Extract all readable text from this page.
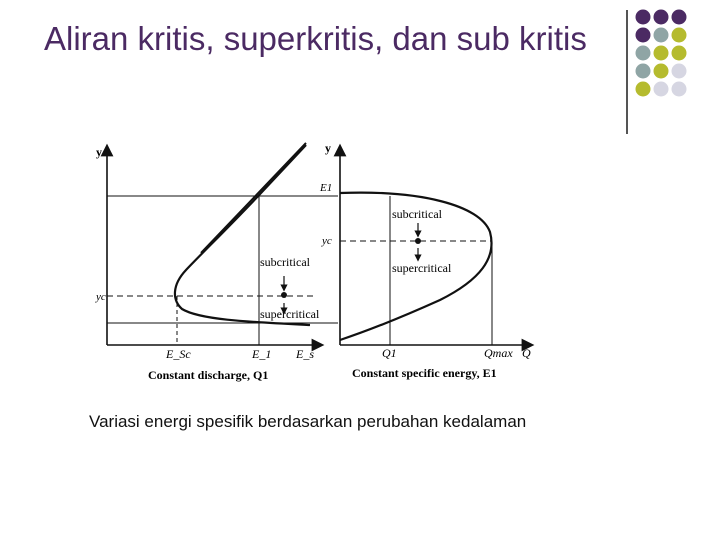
Aliran kritis, superkritis, dan sub kritis
y
subcritical
supercritical
yc
E_Sc	E_1 E_s
Constant discharge, Q1
y
subcritical
supercritical
E1
yc
Q1	Qmax Q
Constant specific energy, E1

Variasi energi spesifik berdasarkan perubahan kedalaman
